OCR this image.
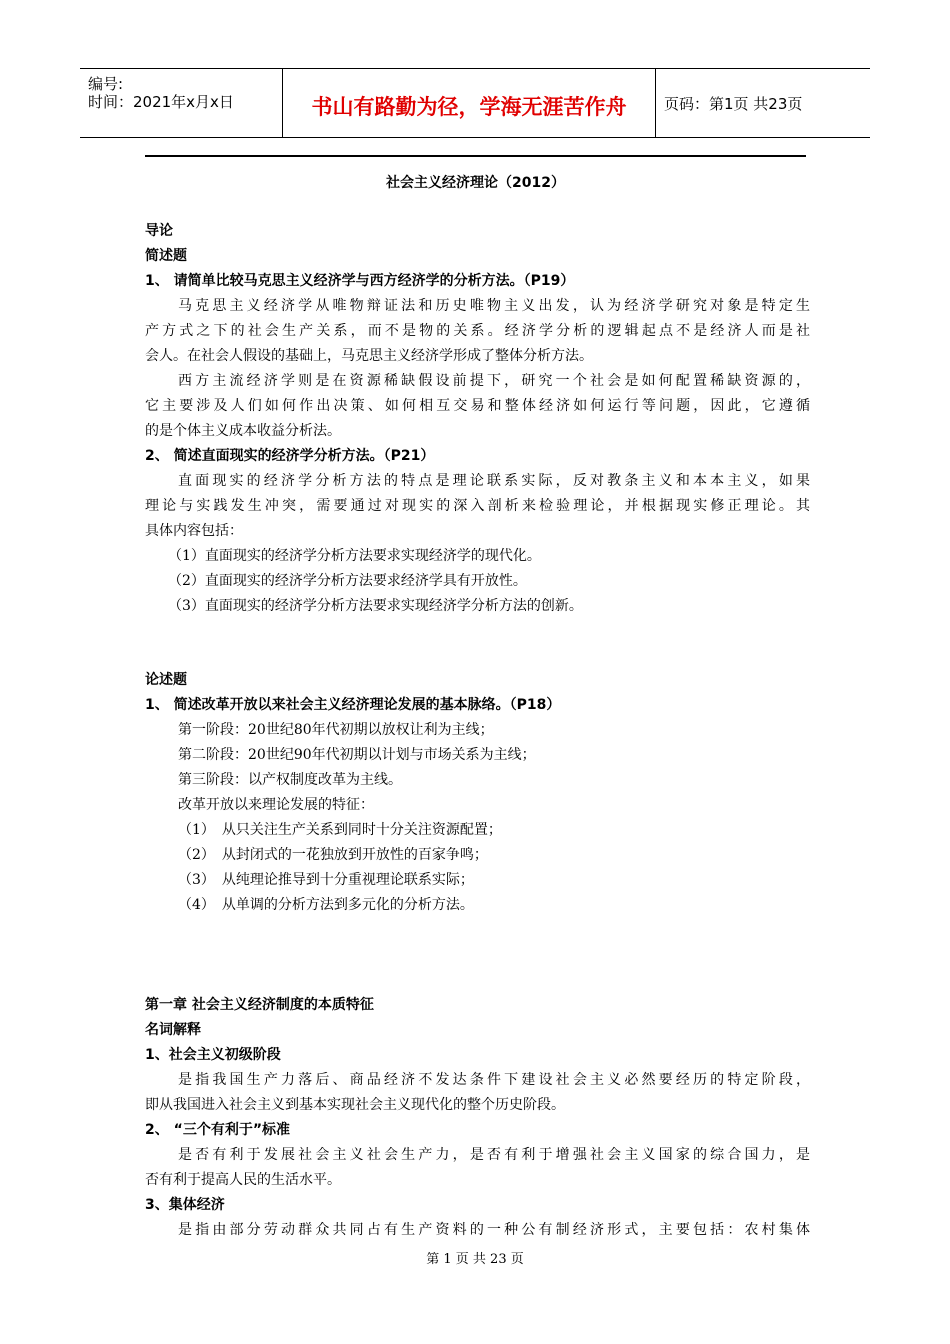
编号:
时间：2021年x月x日	书山有路勤为径，学海无涯苦作舟	页码：第1页 共23页
社会主义经济理论（2012）
导论
简述题
1、 请简单比较马克思主义经济学与西方经济学的分析方法。（P19）
马克思主义经济学从唯物辩证法和历史唯物主义出发，认为经济学研究对象是特定生
产方式之下的社会生产关系，而不是物的关系。经济学分析的逻辑起点不是经济人而是社
会人。在社会人假设的基础上，马克思主义经济学形成了整体分析方法。
西方主流经济学则是在资源稀缺假设前提下，研究一个社会是如何配置稀缺资源的，
它主要涉及人们如何作出决策、如何相互交易和整体经济如何运行等问题，因此，它遵循
的是个体主义成本收益分析法。
2、 简述直面现实的经济学分析方法。（P21）
直面现实的经济学分析方法的特点是理论联系实际，反对教条主义和本本主义，如果
理论与实践发生冲突，需要通过对现实的深入剖析来检验理论，并根据现实修正理论。其
具体内容包括：
（1）直面现实的经济学分析方法要求实现经济学的现代化。
（2）直面现实的经济学分析方法要求经济学具有开放性。
（3）直面现实的经济学分析方法要求实现经济学分析方法的创新。
论述题
1、 简述改革开放以来社会主义经济理论发展的基本脉络。（P18）
第一阶段：20世纪80年代初期以放权让利为主线；
第二阶段：20世纪90年代初期以计划与市场关系为主线；
第三阶段：以产权制度改革为主线。
改革开放以来理论发展的特征：
（1）　从只关注生产关系到同时十分关注资源配置；
（2）　从封闭式的一花独放到开放性的百家争鸣；
（3）　从纯理论推导到十分重视理论联系实际；
（4）　从单调的分析方法到多元化的分析方法。
第一章 社会主义经济制度的本质特征
名词解释
1、社会主义初级阶段
是指我国生产力落后、商品经济不发达条件下建设社会主义必然要经历的特定阶段，
即从我国进入社会主义到基本实现社会主义现代化的整个历史阶段。
2、 “三个有利于”标准
是否有利于发展社会主义社会生产力，是否有利于增强社会主义国家的综合国力，是
否有利于提高人民的生活水平。
3、集体经济
是指由部分劳动群众共同占有生产资料的一种公有制经济形式，主要包括：农村集体
第 1 页 共 23 页
